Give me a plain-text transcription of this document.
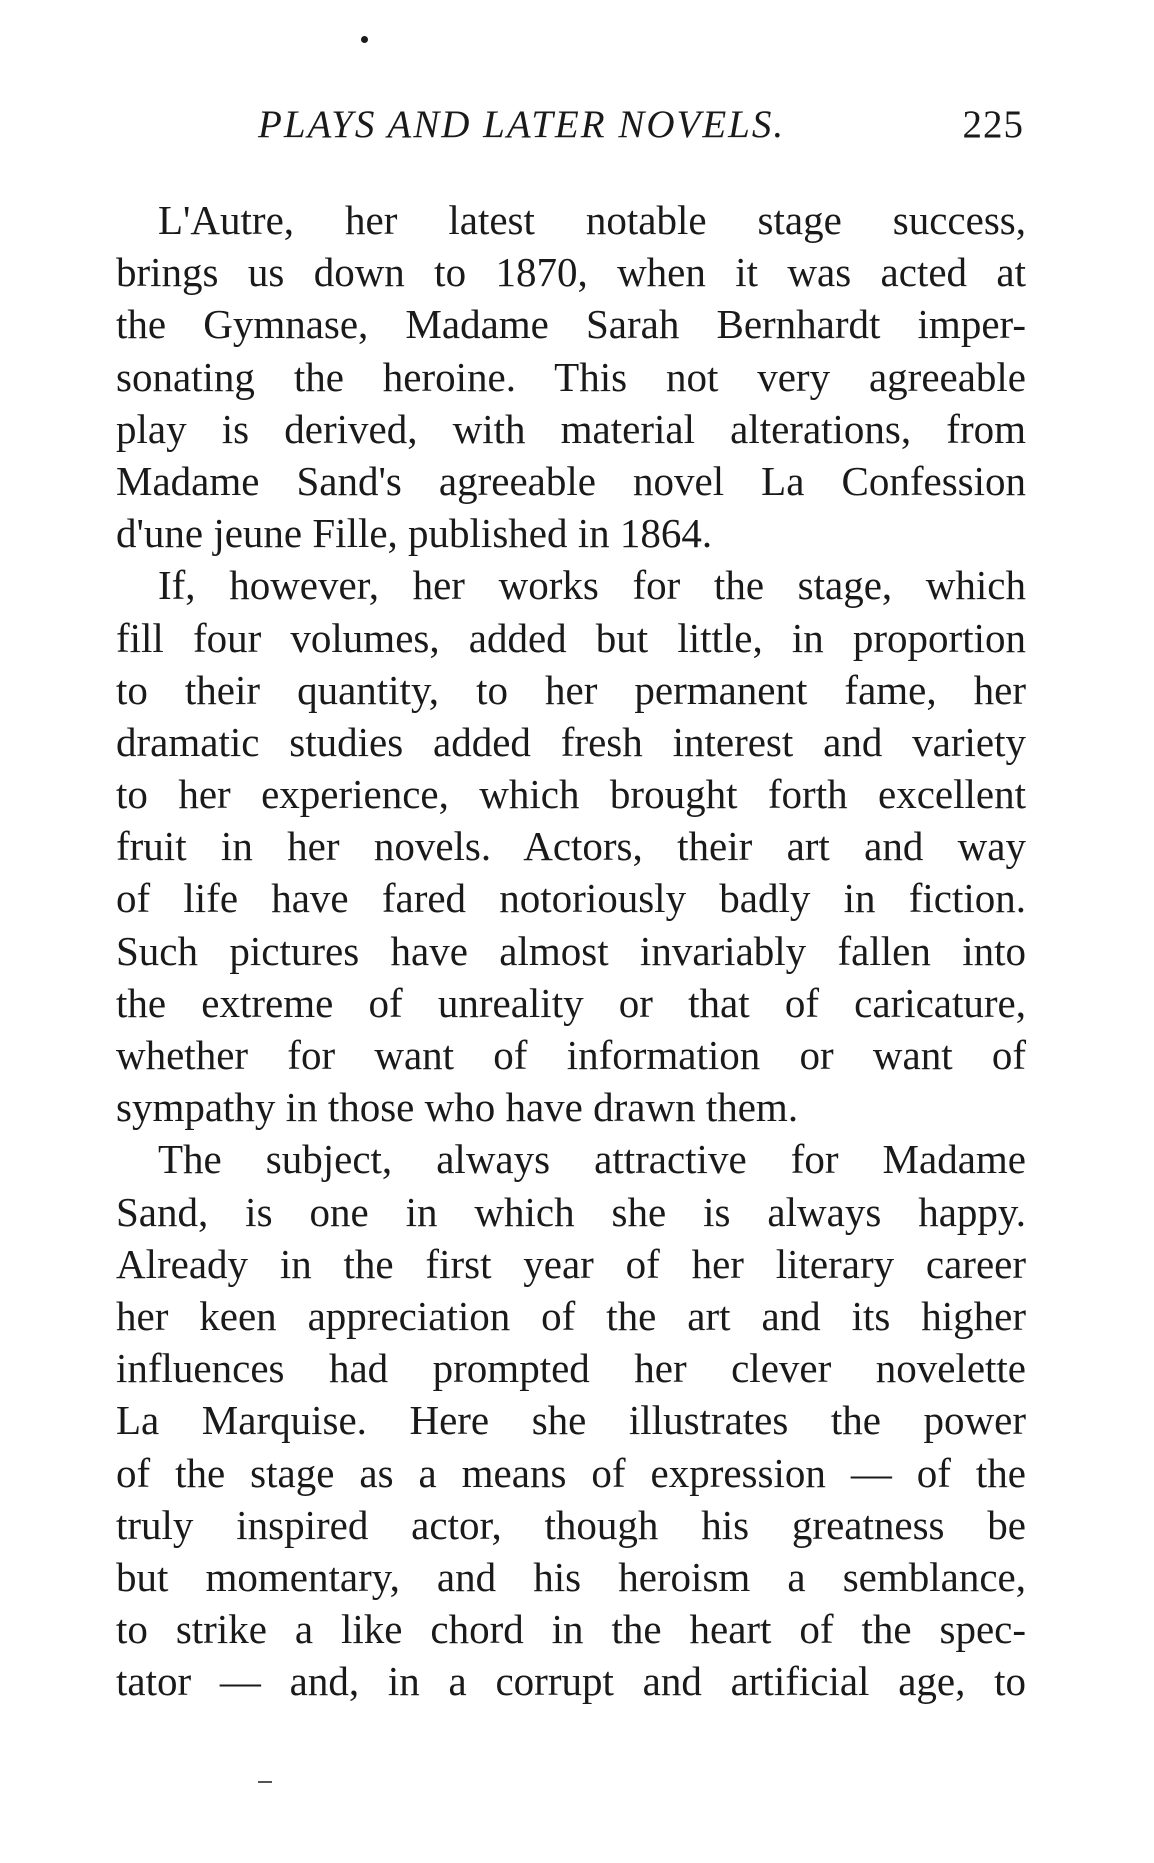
PLAYS AND LATER NOVELS.	225
L'Autre, her latest notable stage success,
brings us down to 1870, when it was acted at
the Gymnase, Madame Sarah Bernhardt imper-
sonating the heroine. This not very agreeable
play is derived, with material alterations, from
Madame Sand's agreeable novel La Confession
d'une jeune Fille, published in 1864.
If, however, her works for the stage, which
fill four volumes, added but little, in proportion
to their quantity, to her permanent fame, her
dramatic studies added fresh interest and variety
to her experience, which brought forth excellent
fruit in her novels. Actors, their art and way
of life have fared notoriously badly in fiction.
Such pictures have almost invariably fallen into
the extreme of unreality or that of caricature,
whether for want of information or want of
sympathy in those who have drawn them.
The subject, always attractive for Madame
Sand, is one in which she is always happy.
Already in the first year of her literary career
her keen appreciation of the art and its higher
influences had prompted her clever novelette
La Marquise. Here she illustrates the power
of the stage as a means of expression — of the
truly inspired actor, though his greatness be
but momentary, and his heroism a semblance,
to strike a like chord in the heart of the spec-
tator — and, in a corrupt and artificial age, to
